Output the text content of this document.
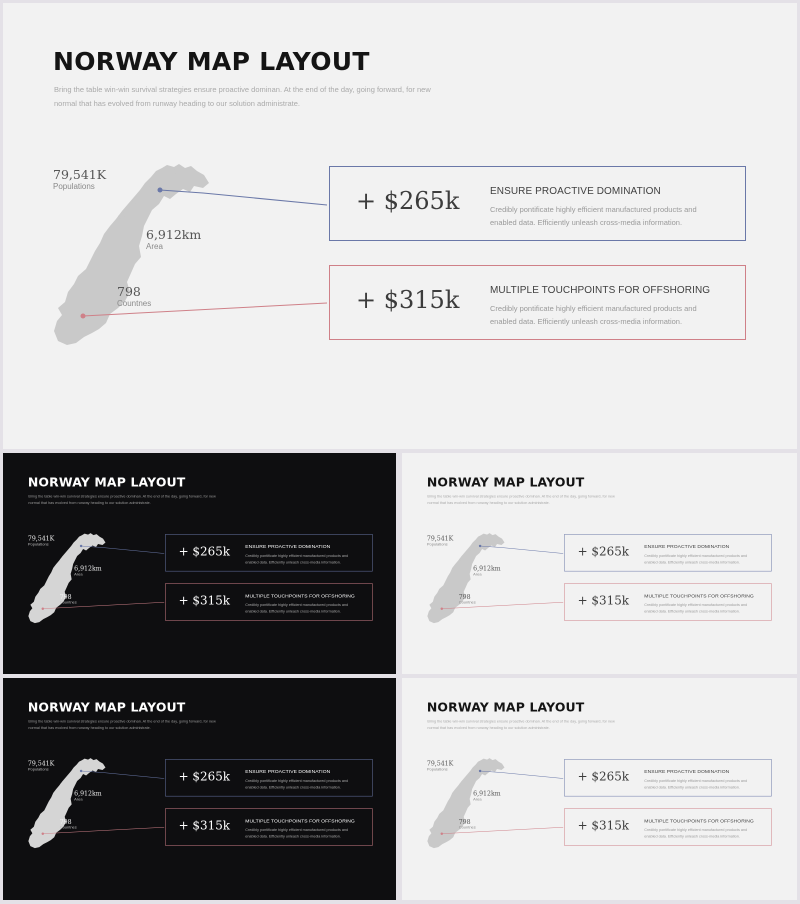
NORWAY MAP LAYOUT
Bring the table win-win survival strategies ensure proactive dominan. At the end of the day, going forward, for new normal that has evolved from runway heading to our solution administrate.
79,541K
Populations
6,912km
Area
798
Countnes
+ $265k	ENSURE PROACTIVE DOMINATION
Credibly pontificate highly efficient manufactured products and enabled data. Efficiently unleash cross-media information.
+ $315k	MULTIPLE TOUCHPOINTS FOR OFFSHORING
Credibly pontificate highly efficient manufactured products and enabled data. Efficiently unleash cross-media information.
NORWAY MAP LAYOUT
Bring the table win-win survival strategies ensure proactive dominan. At the end of the day, going forward, for new normal that has evolved from runway heading to our solution administrate.
79,541K
Populations
6,912km
Area
798
Countnes
+ $265k ENSURE PROACTIVE DOMINATION
Credibly pontificate highly efficient manufactured products and enabled data. Efficiently unleash cross-media information.
+ $315k MULTIPLE TOUCHPOINTS FOR OFFSHORING
Credibly pontificate highly efficient manufactured products and enabled data. Efficiently unleash cross-media information.
NORWAY MAP LAYOUT
Bring the table win-win survival strategies ensure proactive dominan. At the end of the day, going forward, for new normal that has evolved from runway heading to our solution administrate.
79,541K
Populations
6,912km
Area
798
Countnes
+ $265k ENSURE PROACTIVE DOMINATION
Credibly pontificate highly efficient manufactured products and enabled data. Efficiently unleash cross-media information.
+ $315k MULTIPLE TOUCHPOINTS FOR OFFSHORING
Credibly pontificate highly efficient manufactured products and enabled data. Efficiently unleash cross-media information.
NORWAY MAP LAYOUT
Bring the table win-win survival strategies ensure proactive dominan. At the end of the day, going forward, for new normal that has evolved from runway heading to our solution administrate.
79,541K
Populations
6,912km
Area
798
Countnes
+ $265k ENSURE PROACTIVE DOMINATION
Credibly pontificate highly efficient manufactured products and enabled data. Efficiently unleash cross-media information.
+ $315k MULTIPLE TOUCHPOINTS FOR OFFSHORING
Credibly pontificate highly efficient manufactured products and enabled data. Efficiently unleash cross-media information.
NORWAY MAP LAYOUT
Bring the table win-win survival strategies ensure proactive dominan. At the end of the day, going forward, for new normal that has evolved from runway heading to our solution administrate.
79,541K
Populations
6,912km
Area
798
Countnes
+ $265k ENSURE PROACTIVE DOMINATION
Credibly pontificate highly efficient manufactured products and enabled data. Efficiently unleash cross-media information.
+ $315k MULTIPLE TOUCHPOINTS FOR OFFSHORING
Credibly pontificate highly efficient manufactured products and enabled data. Efficiently unleash cross-media information.
